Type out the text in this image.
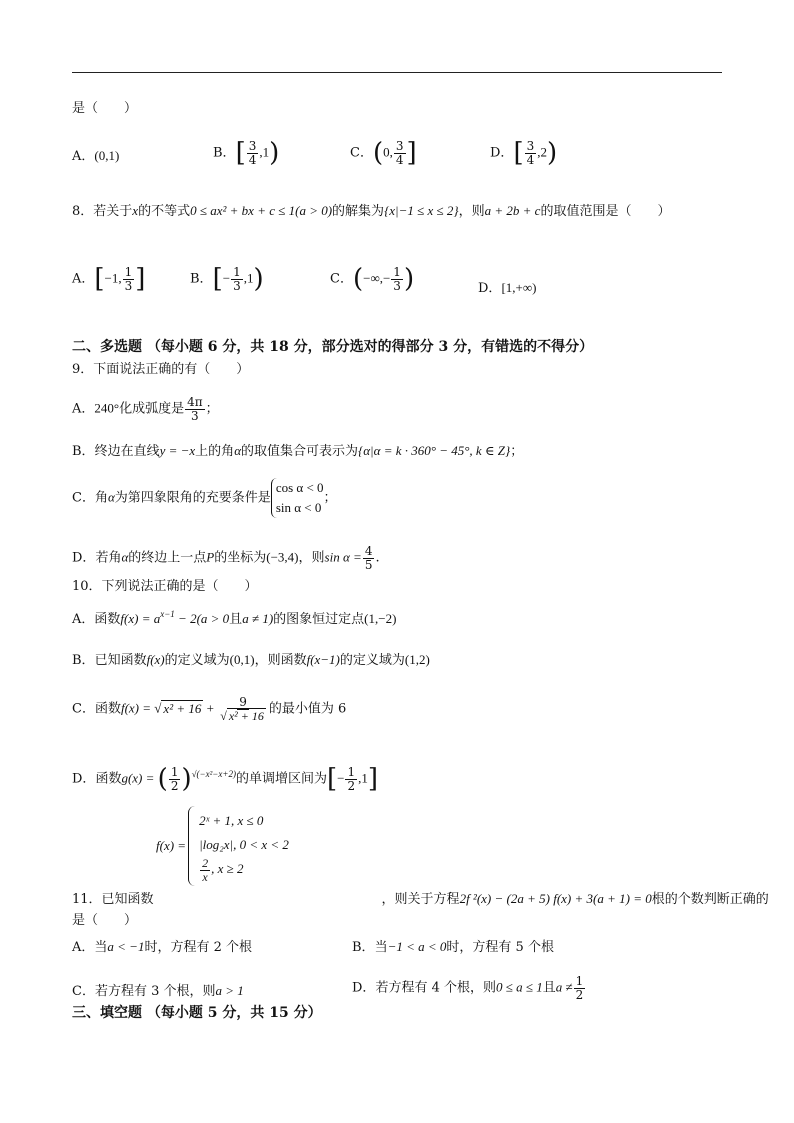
是（　　）
A．(0,1)	B．[ $\frac{3}{4} ,1$)	C．(0, $\frac{3}{4}$ ]	D．[ $\frac{3}{4} ,2$)
8．若关于x的不等式0 ≤ ax² + bx + c ≤ 1(a > 0)的解集为{x|−1 ≤ x ≤ 2}，则a + 2b + c的取值范围是（　　）
A．[−1, $\frac{1}{3}$ ]	B．[− $\frac{1}{3} ,1$)	C．(−∞,− $\frac{1}{3}$ )	D．[1,+∞)
二、多选题 （每小题 6 分，共 18 分，部分选对的得部分 3 分，有错选的不得分）
9．下面说法正确的有（　　）
A．240°化成弧度是 $\frac{4\pi}{3}$ ；
B．终边在直线y = −x上的角α的取值集合可表示为{α|α = k · 360° − 45°, k ∈ Z}；
C．角α为第四象限角的充要条件是cos α < 0
sin α < 0；
D．若角α的终边上一点P的坐标为(−3,4)，则$\sin \alpha = \frac{4}{5}$ .
10．下列说法正确的是（　　）
A．函数$f(x) = a^{x-1} - 2(a > 0$且a ≠ 1)的图象恒过定点(1,−2)
B．已知函数f(x)的定义域为(0,1)，则函数f(x−1)的定义域为(1,2)
C．函数f(x) = √ $x^2 + 16 + \frac{9}{\text{√ x² + 16}}$ 的最小值为 6
D．函数g(x) = ( $\frac{1}{2} )^{√(-x^2-x+2)}$的单调增区间为[− $\frac{1}{2} ,1$]
f(x) =
2ˣ + 1, x ≤ 0
|log₂x|, 0 < x < 2
$\frac{2}{x}$ , x ≥ 2
11．已知函数	，则关于方程2f ²(x) − (2a + 5) f(x) + 3(a + 1) = 0根的个数判断正确的
是（　　）
A．当a < −1时，方程有 2 个根	B．当−1 < a < 0时，方程有 5 个根
C．若方程有 3 个根，则a > 1	D．若方程有 4 个根，则0 ≤ a ≤ 1且$a \ne \frac{1}{2}$
三、填空题 （每小题 5 分，共 15 分）
